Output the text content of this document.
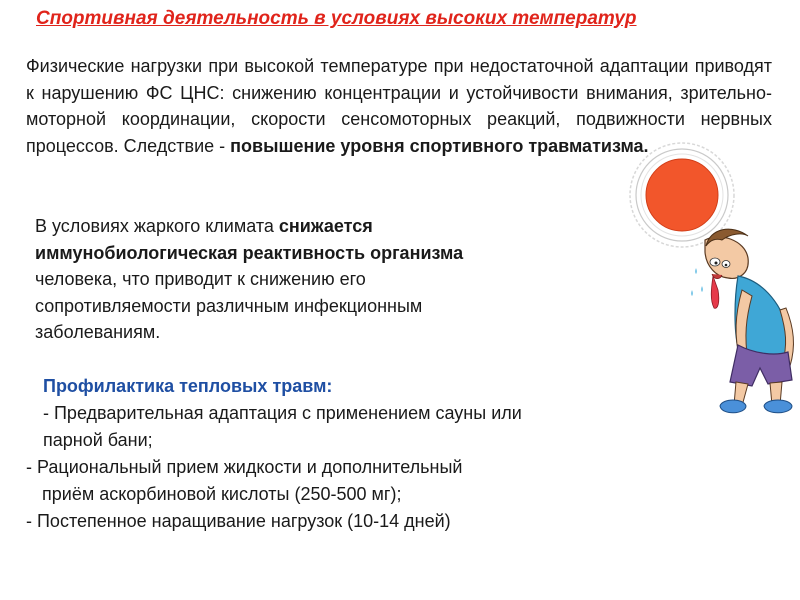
Спортивная деятельность в условиях высоких температур
Физические нагрузки при высокой температуре при недостаточной адаптации приводят к нарушению ФС ЦНС: снижению концентрации и устойчивости внимания, зрительно-моторной координации, скорости сенсомоторных реакций, подвижности нервных процессов. Следствие - повышение уровня спортивного травматизма.
В условиях жаркого климата снижается иммунобиологическая реактивность организма человека, что приводит к снижению его сопротивляемости различным инфекционным заболеваниям.
Профилактика тепловых травм:
- Предварительная адаптация с применением сауны или
парной бани;
- Рациональный прием жидкости и дополнительный
приём аскорбиновой кислоты (250-500 мг);
- Постепенное наращивание нагрузок (10-14 дней)
